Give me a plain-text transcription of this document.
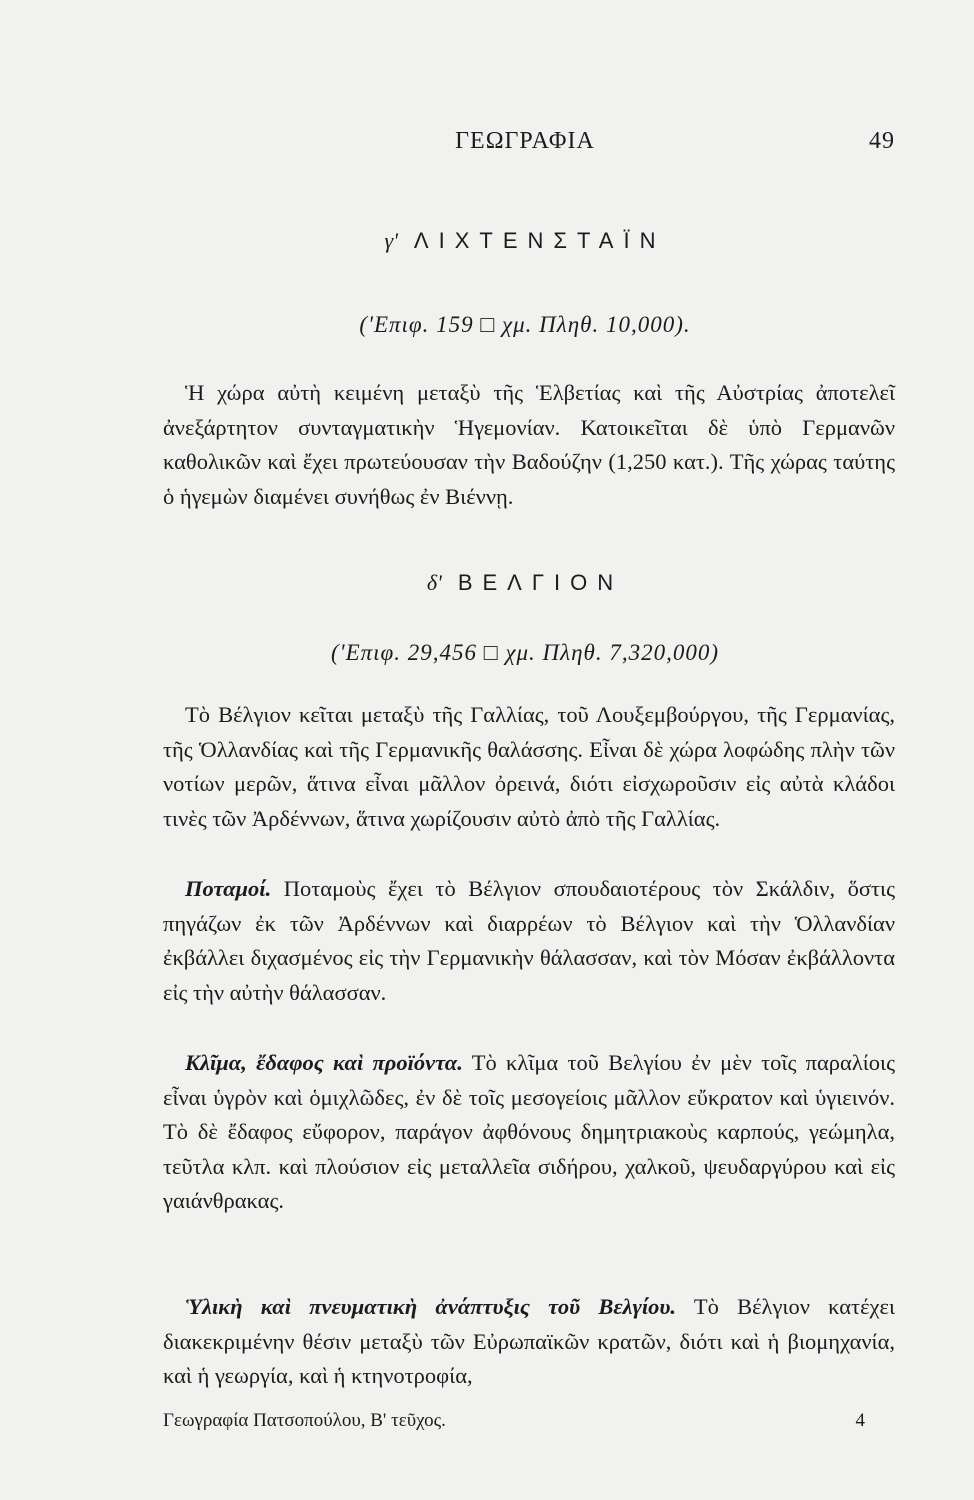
ΓΕΩΓΡΑΦΙΑ	49
γ' ΛΙΧΤΕΝΣΤΑΪΝ
('Επιφ. 159 □ χμ. Πληθ. 10,000).

Ἡ χώρα αὐτὴ κειμένη μεταξὺ τῆς Ἑλβετίας καὶ τῆς Αὐστρίας ἀποτελεῖ ἀνεξάρτητον συνταγματικὴν Ἡγεμονίαν. Κατοικεῖται δὲ ὑπὸ Γερμανῶν καθολικῶν καὶ ἔχει πρωτεύουσαν τὴν Βαδούζην (1,250 κατ.). Τῆς χώρας ταύτης ὁ ἡγεμὼν διαμένει συνήθως ἐν Βιέννῃ.

δ' ΒΕΛΓΙΟΝ
('Επιφ. 29,456 □ χμ. Πληθ. 7,320,000)

Τὸ Βέλγιον κεῖται μεταξὺ τῆς Γαλλίας, τοῦ Λουξεμβούργου, τῆς Γερμανίας, τῆς Ὁλλανδίας καὶ τῆς Γερμανικῆς θαλάσσης. Εἶναι δὲ χώρα λοφώδης πλὴν τῶν νοτίων μερῶν, ἅτινα εἶναι μᾶλλον ὀρεινά, διότι εἰσχωροῦσιν εἰς αὐτὰ κλάδοι τινὲς τῶν Ἀρδέννων, ἅτινα χωρίζουσιν αὐτὸ ἀπὸ τῆς Γαλλίας.

Ποταμοί. Ποταμοὺς ἔχει τὸ Βέλγιον σπουδαιοτέρους τὸν Σκάλδιν, ὅστις πηγάζων ἐκ τῶν Ἀρδέννων καὶ διαρρέων τὸ Βέλγιον καὶ τὴν Ὁλλανδίαν ἐκβάλλει διχασμένος εἰς τὴν Γερμανικὴν θάλασσαν, καὶ τὸν Μόσαν ἐκβάλλοντα εἰς τὴν αὐτὴν θάλασσαν.

Κλῖμα, ἔδαφος καὶ προϊόντα. Τὸ κλῖμα τοῦ Βελγίου ἐν μὲν τοῖς παραλίοις εἶναι ὑγρὸν καὶ ὁμιχλῶδες, ἐν δὲ τοῖς μεσογείοις μᾶλλον εὔκρατον καὶ ὑγιεινόν. Τὸ δὲ ἔδαφος εὔφορον, παράγον ἀφθόνους δημητριακοὺς καρπούς, γεώμηλα, τεῦτλα κλπ. καὶ πλούσιον εἰς μεταλλεῖα σιδήρου, χαλκοῦ, ψευδαργύρου καὶ εἰς γαιάνθρακας.

Ὑλικὴ καὶ πνευματικὴ ἀνάπτυξις τοῦ Βελγίου. Τὸ Βέλγιον κατέχει διακεκριμένην θέσιν μεταξὺ τῶν Εὐρωπαϊκῶν κρατῶν, διότι καὶ ἡ βιομηχανία, καὶ ἡ γεωργία, καὶ ἡ κτηνοτροφία,

Γεωγραφία Πατσοπούλου, Β' τεῦχος.	4
